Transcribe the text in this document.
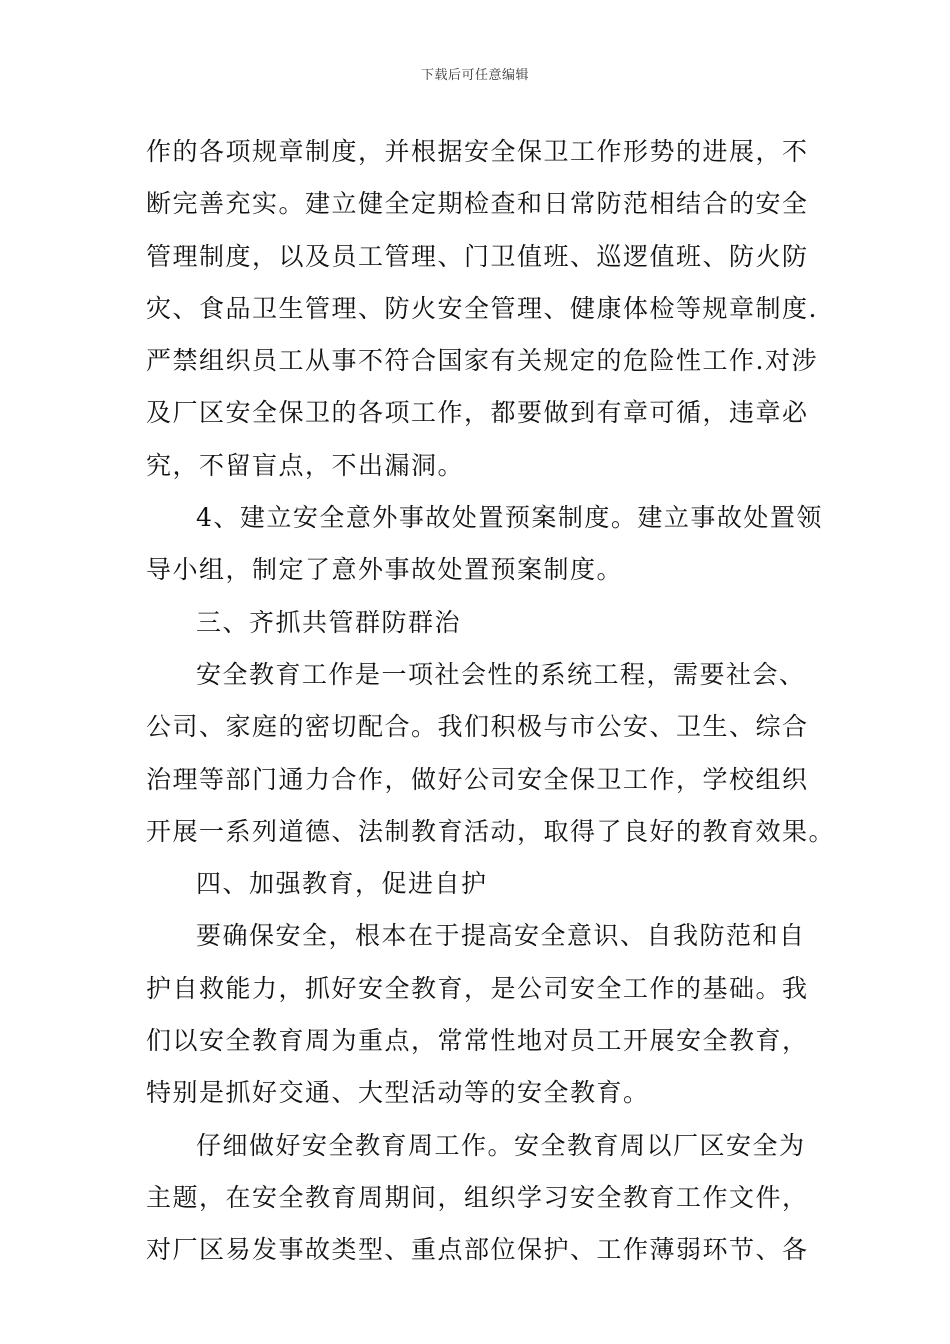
下载后可任意编辑
作的各项规章制度，并根据安全保卫工作形势的进展，不
断完善充实。建立健全定期检查和日常防范相结合的安全
管理制度，以及员工管理、门卫值班、巡逻值班、防火防
灾、食品卫生管理、防火安全管理、健康体检等规章制度.
严禁组织员工从事不符合国家有关规定的危险性工作.对涉
及厂区安全保卫的各项工作，都要做到有章可循，违章必
究，不留盲点，不出漏洞。
4、建立安全意外事故处置预案制度。建立事故处置领
导小组，制定了意外事故处置预案制度。
三、齐抓共管群防群治
安全教育工作是一项社会性的系统工程，需要社会、
公司、家庭的密切配合。我们积极与市公安、卫生、综合
治理等部门通力合作，做好公司安全保卫工作，学校组织
开展一系列道德、法制教育活动，取得了良好的教育效果。
四、加强教育，促进自护
要确保安全，根本在于提高安全意识、自我防范和自
护自救能力，抓好安全教育，是公司安全工作的基础。我
们以安全教育周为重点，常常性地对员工开展安全教育，
特别是抓好交通、大型活动等的安全教育。
仔细做好安全教育周工作。安全教育周以厂区安全为
主题，在安全教育周期间，组织学习安全教育工作文件，
对厂区易发事故类型、重点部位保护、工作薄弱环节、各
